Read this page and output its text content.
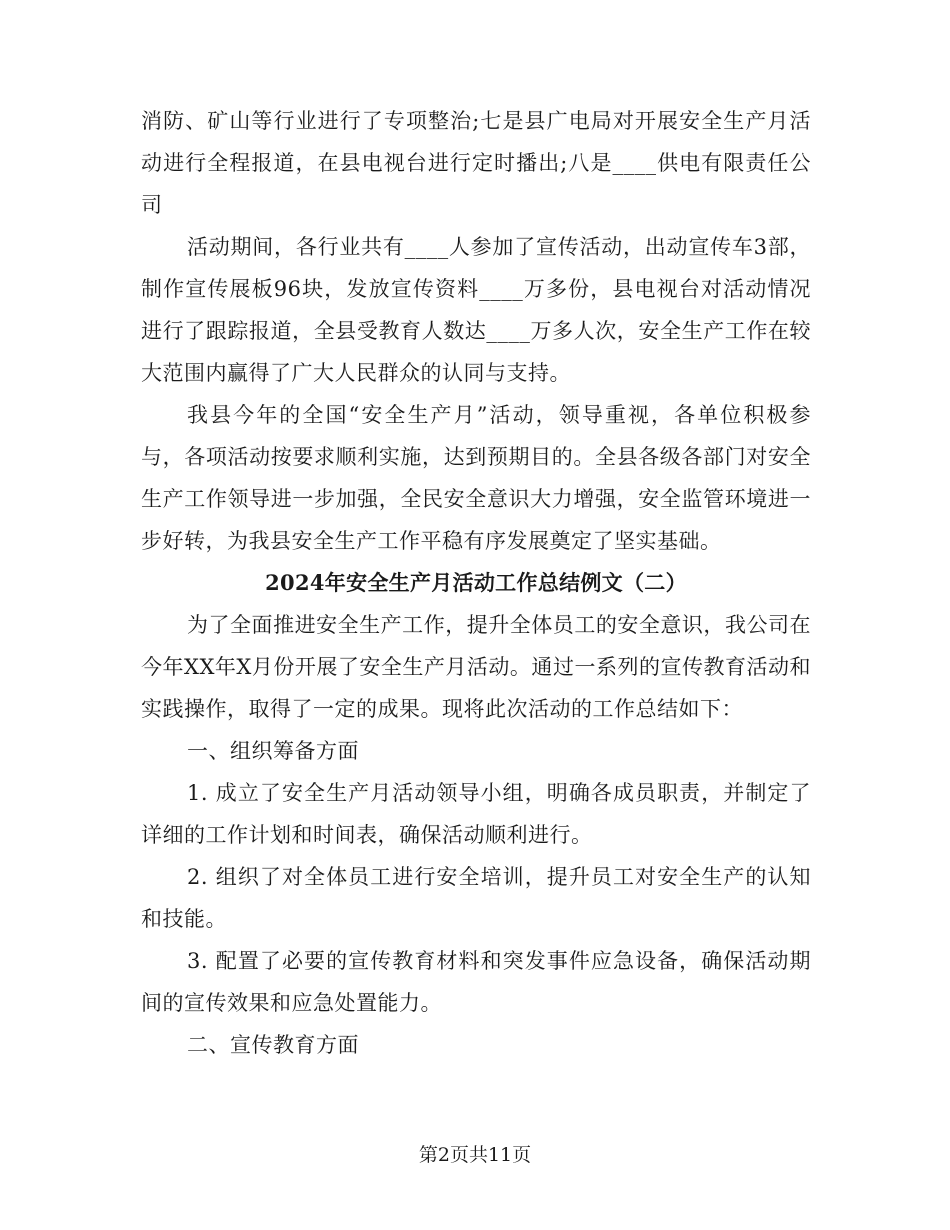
消防、矿山等行业进行了专项整治;七是县广电局对开展安全生产月活动进行全程报道，在县电视台进行定时播出;八是____供电有限责任公司

活动期间，各行业共有____人参加了宣传活动，出动宣传车3部，制作宣传展板96块，发放宣传资料____万多份，县电视台对活动情况进行了跟踪报道，全县受教育人数达____万多人次，安全生产工作在较大范围内赢得了广大人民群众的认同与支持。

我县今年的全国“安全生产月”活动，领导重视，各单位积极参与，各项活动按要求顺利实施，达到预期目的。全县各级各部门对安全生产工作领导进一步加强，全民安全意识大力增强，安全监管环境进一步好转，为我县安全生产工作平稳有序发展奠定了坚实基础。

2024年安全生产月活动工作总结例文（二）

为了全面推进安全生产工作，提升全体员工的安全意识，我公司在今年XX年X月份开展了安全生产月活动。通过一系列的宣传教育活动和实践操作，取得了一定的成果。现将此次活动的工作总结如下：

一、组织筹备方面

1. 成立了安全生产月活动领导小组，明确各成员职责，并制定了详细的工作计划和时间表，确保活动顺利进行。

2. 组织了对全体员工进行安全培训，提升员工对安全生产的认知和技能。

3. 配置了必要的宣传教育材料和突发事件应急设备，确保活动期间的宣传效果和应急处置能力。

二、宣传教育方面

第2页共11页
